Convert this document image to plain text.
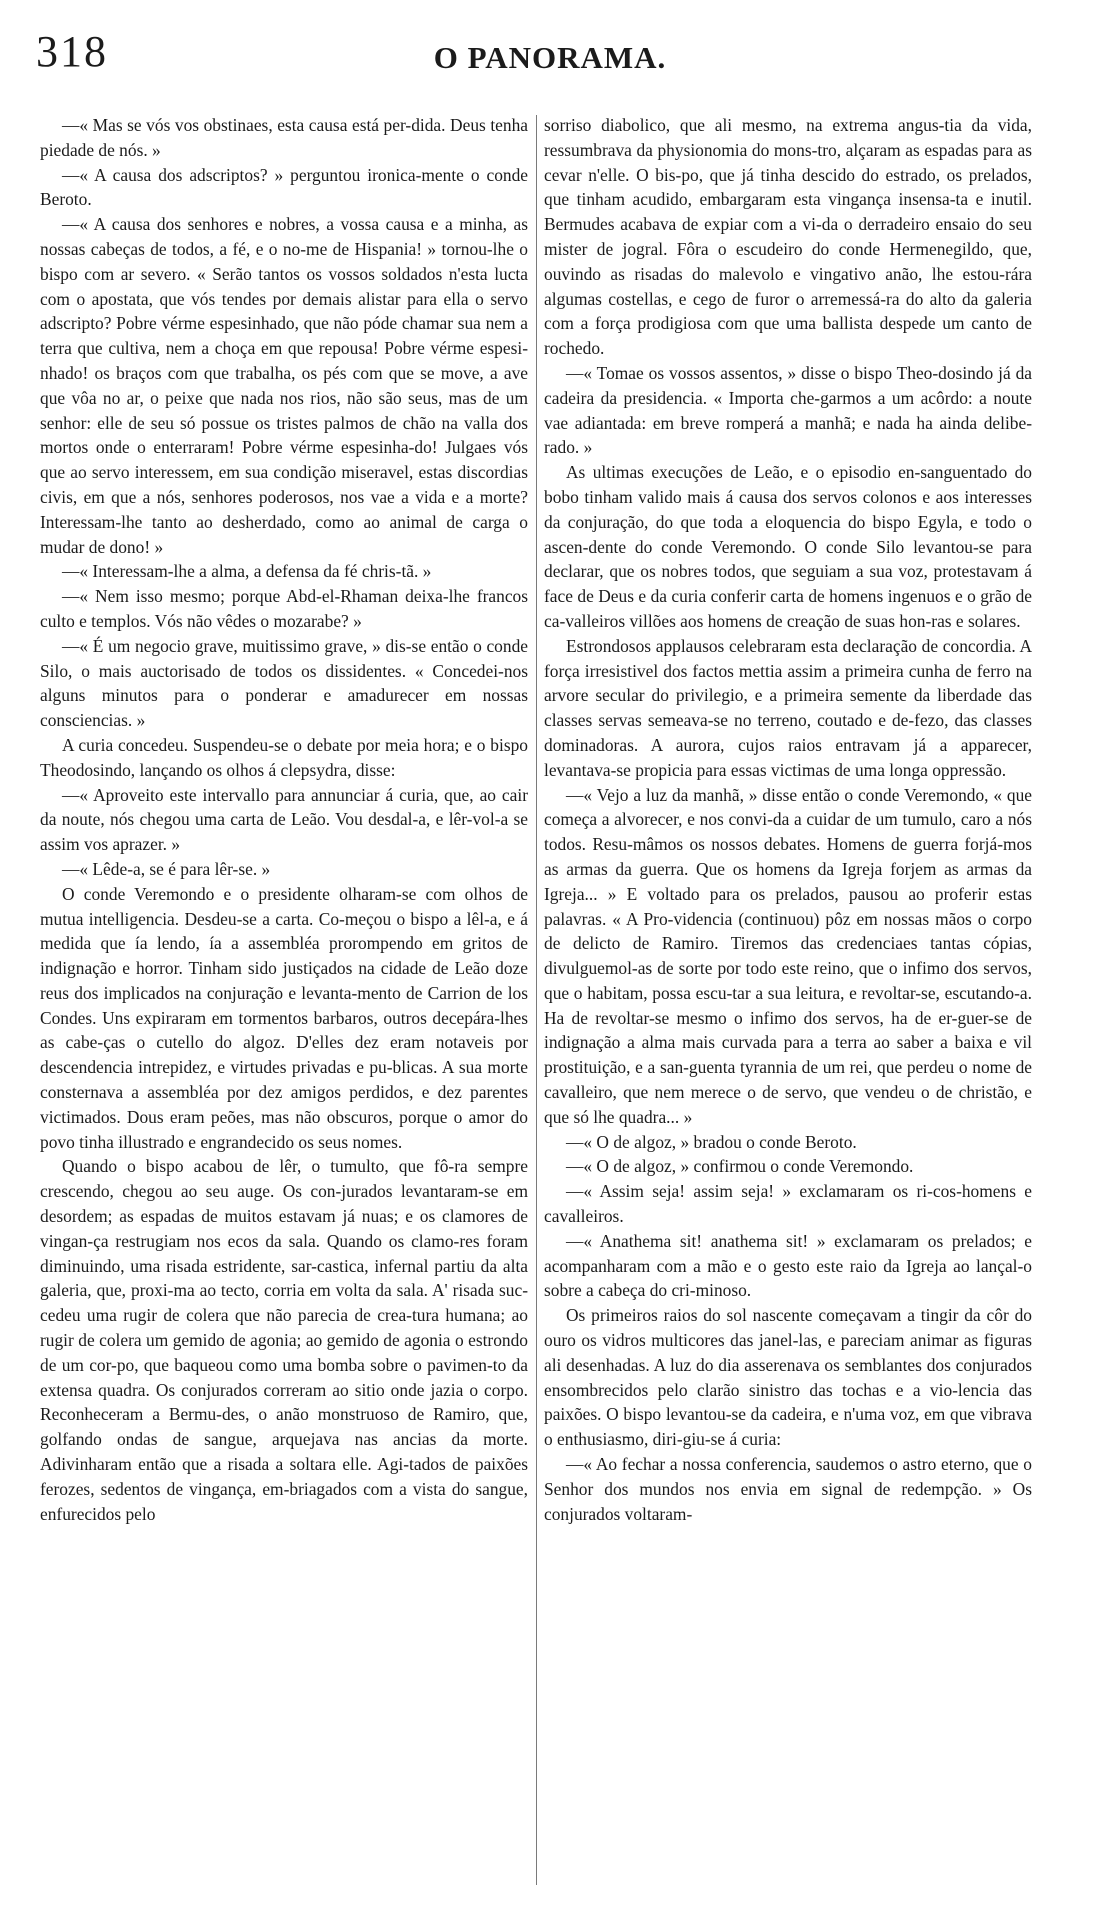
318	O PANORAMA.

—« Mas se vós vos obstinaes, esta causa está per-dida. Deus tenha piedade de nós. »

—« A causa dos adscriptos? » perguntou ironica-mente o conde Beroto.

—« A causa dos senhores e nobres, a vossa causa e a minha, as nossas cabeças de todos, a fé, e o no-me de Hispania! » tornou-lhe o bispo com ar severo. « Serão tantos os vossos soldados n'esta lucta com o apostata, que vós tendes por demais alistar para ella o servo adscripto? Pobre vérme espesinhado, que não póde chamar sua nem a terra que cultiva, nem a choça em que repousa! Pobre vérme espesi-nhado! os braços com que trabalha, os pés com que se move, a ave que vôa no ar, o peixe que nada nos rios, não são seus, mas de um senhor: elle de seu só possue os tristes palmos de chão na valla dos mortos onde o enterraram! Pobre vérme espesinha-do! Julgaes vós que ao servo interessem, em sua condição miseravel, estas discordias civis, em que a nós, senhores poderosos, nos vae a vida e a morte? Interessam-lhe tanto ao desherdado, como ao animal de carga o mudar de dono! »

—« Interessam-lhe a alma, a defensa da fé chris-tã. »

—« Nem isso mesmo; porque Abd-el-Rhaman deixa-lhe francos culto e templos. Vós não vêdes o mozarabe? »

—« É um negocio grave, muitissimo grave, » dis-se então o conde Silo, o mais auctorisado de todos os dissidentes. « Concedei-nos alguns minutos para o ponderar e amadurecer em nossas consciencias. »

A curia concedeu. Suspendeu-se o debate por meia hora; e o bispo Theodosindo, lançando os olhos á clepsydra, disse:

—« Aproveito este intervallo para annunciar á curia, que, ao cair da noute, nós chegou uma carta de Leão. Vou desdal-a, e lêr-vol-a se assim vos aprazer. »

—« Lêde-a, se é para lêr-se. »

O conde Veremondo e o presidente olharam-se com olhos de mutua intelligencia. Desdeu-se a carta. Co-meçou o bispo a lêl-a, e á medida que ía lendo, ía a assembléa prorompendo em gritos de indignação e horror. Tinham sido justiçados na cidade de Leão doze reus dos implicados na conjuração e levanta-mento de Carrion de los Condes. Uns expiraram em tormentos barbaros, outros decepára-lhes as cabe-ças o cutello do algoz. D'elles dez eram notaveis por descendencia intrepidez, e virtudes privadas e pu-blicas. A sua morte consternava a assembléa por dez amigos perdidos, e dez parentes victimados. Dous eram peões, mas não obscuros, porque o amor do povo tinha illustrado e engrandecido os seus nomes.

Quando o bispo acabou de lêr, o tumulto, que fô-ra sempre crescendo, chegou ao seu auge. Os con-jurados levantaram-se em desordem; as espadas de muitos estavam já nuas; e os clamores de vingan-ça restrugiam nos ecos da sala. Quando os clamo-res foram diminuindo, uma risada estridente, sar-castica, infernal partiu da alta galeria, que, proxi-ma ao tecto, corria em volta da sala. A' risada suc-cedeu uma rugir de colera que não parecia de crea-tura humana; ao rugir de colera um gemido de agonia; ao gemido de agonia o estrondo de um cor-po, que baqueou como uma bomba sobre o pavimen-to da extensa quadra. Os conjurados correram ao sitio onde jazia o corpo. Reconheceram a Bermu-des, o anão monstruoso de Ramiro, que, golfando ondas de sangue, arquejava nas ancias da morte. Adivinharam então que a risada a soltara elle. Agi-tados de paixões ferozes, sedentos de vingança, em-briagados com a vista do sangue, enfurecidos pelo

sorriso diabolico, que ali mesmo, na extrema angus-tia da vida, ressumbrava da physionomia do mons-tro, alçaram as espadas para as cevar n'elle. O bis-po, que já tinha descido do estrado, os prelados, que tinham acudido, embargaram esta vingança insensa-ta e inutil. Bermudes acabava de expiar com a vi-da o derradeiro ensaio do seu mister de jogral. Fôra o escudeiro do conde Hermenegildo, que, ouvindo as risadas do malevolo e vingativo anão, lhe estou-rára algumas costellas, e cego de furor o arremessá-ra do alto da galeria com a força prodigiosa com que uma ballista despede um canto de rochedo.

—« Tomae os vossos assentos, » disse o bispo Theo-dosindo já da cadeira da presidencia. « Importa che-garmos a um acôrdo: a noute vae adiantada: em breve romperá a manhã; e nada ha ainda delibe-rado. »

As ultimas execuções de Leão, e o episodio en-sanguentado do bobo tinham valido mais á causa dos servos colonos e aos interesses da conjuração, do que toda a eloquencia do bispo Egyla, e todo o ascen-dente do conde Veremondo. O conde Silo levantou-se para declarar, que os nobres todos, que seguiam a sua voz, protestavam á face de Deus e da curia conferir carta de homens ingenuos e o grão de ca-valleiros villões aos homens de creação de suas hon-ras e solares.

Estrondosos applausos celebraram esta declaração de concordia. A força irresistivel dos factos mettia assim a primeira cunha de ferro na arvore secular do privilegio, e a primeira semente da liberdade das classes servas semeava-se no terreno, coutado e de-fezo, das classes dominadoras. A aurora, cujos raios entravam já a apparecer, levantava-se propicia para essas victimas de uma longa oppressão.

—« Vejo a luz da manhã, » disse então o conde Veremondo, « que começa a alvorecer, e nos convi-da a cuidar de um tumulo, caro a nós todos. Resu-mâmos os nossos debates. Homens de guerra forjá-mos as armas da guerra. Que os homens da Igreja forjem as armas da Igreja... » E voltado para os prelados, pausou ao proferir estas palavras. « A Pro-videncia (continuou) pôz em nossas mãos o corpo de delicto de Ramiro. Tiremos das credenciaes tantas cópias, divulguemol-as de sorte por todo este reino, que o infimo dos servos, que o habitam, possa escu-tar a sua leitura, e revoltar-se, escutando-a. Ha de revoltar-se mesmo o infimo dos servos, ha de er-guer-se de indignação a alma mais curvada para a terra ao saber a baixa e vil prostituição, e a san-guenta tyrannia de um rei, que perdeu o nome de cavalleiro, que nem merece o de servo, que vendeu o de christão, e que só lhe quadra... »

—« O de algoz, » bradou o conde Beroto.

—« O de algoz, » confirmou o conde Veremondo.

—« Assim seja! assim seja! » exclamaram os ri-cos-homens e cavalleiros.

—« Anathema sit! anathema sit! » exclamaram os prelados; e acompanharam com a mão e o gesto este raio da Igreja ao lançal-o sobre a cabeça do cri-minoso.

Os primeiros raios do sol nascente começavam a tingir da côr do ouro os vidros multicores das janel-las, e pareciam animar as figuras ali desenhadas. A luz do dia asserenava os semblantes dos conjurados ensombrecidos pelo clarão sinistro das tochas e a vio-lencia das paixões. O bispo levantou-se da cadeira, e n'uma voz, em que vibrava o enthusiasmo, diri-giu-se á curia:

—« Ao fechar a nossa conferencia, saudemos o astro eterno, que o Senhor dos mundos nos envia em signal de redempção. » Os conjurados voltaram-
